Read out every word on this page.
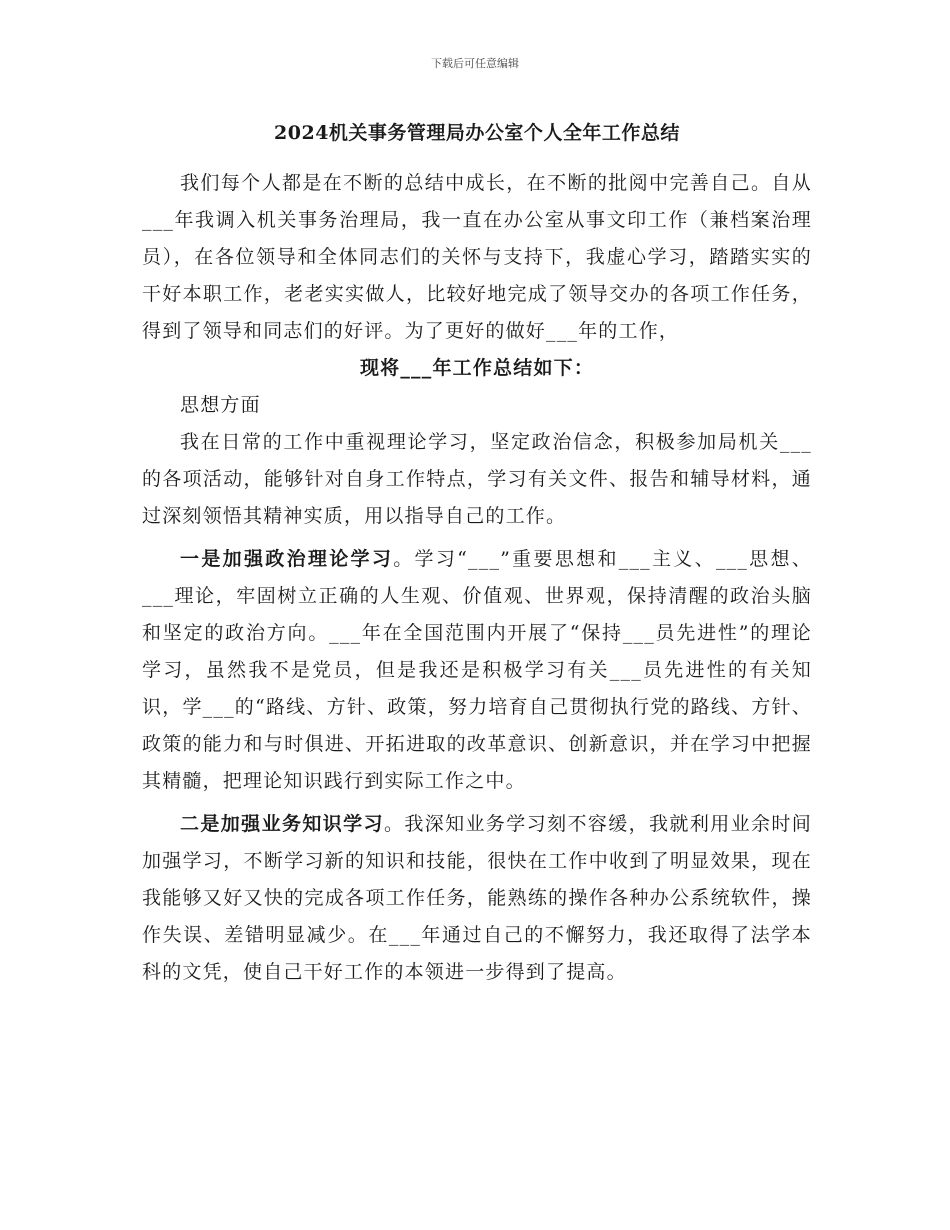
下载后可任意编辑
2024机关事务管理局办公室个人全年工作总结

我们每个人都是在不断的总结中成长，在不断的批阅中完善自己。自从___年我调入机关事务治理局，我一直在办公室从事文印工作（兼档案治理员），在各位领导和全体同志们的关怀与支持下，我虚心学习，踏踏实实的干好本职工作，老老实实做人，比较好地完成了领导交办的各项工作任务，得到了领导和同志们的好评。为了更好的做好___年的工作，

现将___年工作总结如下：

思想方面

我在日常的工作中重视理论学习，坚定政治信念，积极参加局机关___的各项活动，能够针对自身工作特点，学习有关文件、报告和辅导材料，通过深刻领悟其精神实质，用以指导自己的工作。

一是加强政治理论学习。学习“___”重要思想和___主义、___思想、___理论，牢固树立正确的人生观、价值观、世界观，保持清醒的政治头脑和坚定的政治方向。___年在全国范围内开展了“保持___员先进性”的理论学习，虽然我不是党员，但是我还是积极学习有关___员先进性的有关知识，学___的“路线、方针、政策，努力培育自己贯彻执行党的路线、方针、政策的能力和与时俱进、开拓进取的改革意识、创新意识，并在学习中把握其精髓，把理论知识践行到实际工作之中。

二是加强业务知识学习。我深知业务学习刻不容缓，我就利用业余时间加强学习，不断学习新的知识和技能，很快在工作中收到了明显效果，现在我能够又好又快的完成各项工作任务，能熟练的操作各种办公系统软件，操作失误、差错明显减少。在___年通过自己的不懈努力，我还取得了法学本科的文凭，使自己干好工作的本领进一步得到了提高。
